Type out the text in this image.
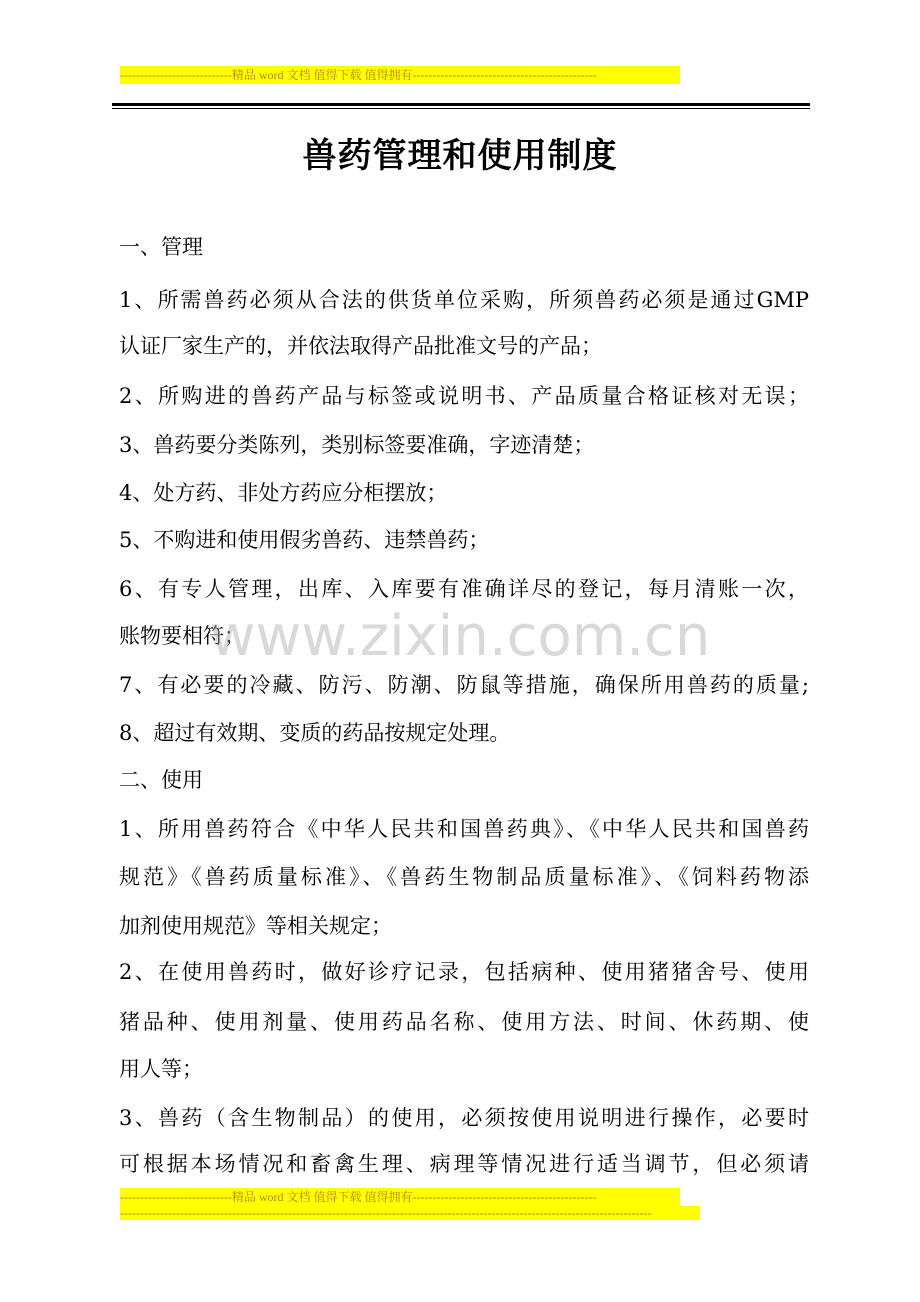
----------------------------精品 word 文档 值得下载 值得拥有----------------------------------------------
兽药管理和使用制度
一、管理
1、所需兽药必须从合法的供货单位采购，所须兽药必须是通过GMP
认证厂家生产的，并依法取得产品批准文号的产品；
2、所购进的兽药产品与标签或说明书、产品质量合格证核对无误；
3、兽药要分类陈列，类别标签要准确，字迹清楚；
4、处方药、非处方药应分柜摆放；
5、不购进和使用假劣兽药、违禁兽药；
6、有专人管理，出库、入库要有准确详尽的登记，每月清账一次，
账物要相符；
7、有必要的冷藏、防污、防潮、防鼠等措施，确保所用兽药的质量;
8、超过有效期、变质的药品按规定处理。
二、使用
1、所用兽药符合《中华人民共和国兽药典》、《中华人民共和国兽药
规范》《兽药质量标准》、《兽药生物制品质量标准》、《饲料药物添
加剂使用规范》等相关规定；
2、在使用兽药时，做好诊疗记录，包括病种、使用猪猪舍号、使用
猪品种、使用剂量、使用药品名称、使用方法、时间、休药期、使
用人等；
3、兽药（含生物制品）的使用，必须按使用说明进行操作，必要时
可根据本场情况和畜禽生理、病理等情况进行适当调节，但必须请
www.zixin.com.cn
----------------------------精品 word 文档 值得下载 值得拥有----------------------------------------------
-------------------------------------------------------------------------------------------------------------------------------------
